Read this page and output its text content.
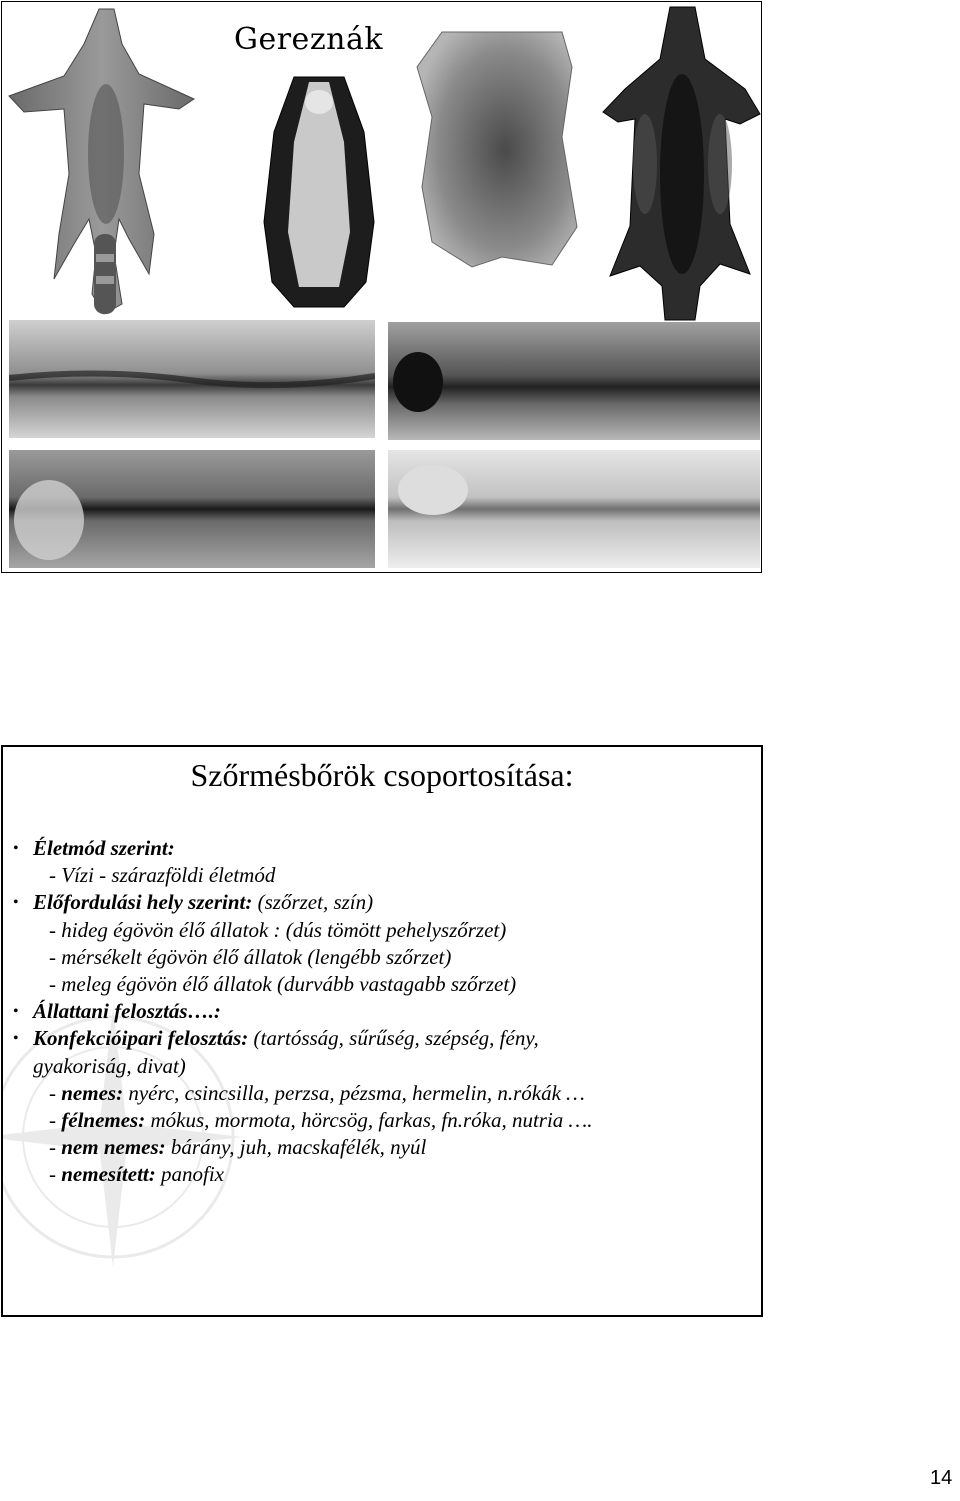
Gereznák
Szőrmésbőrök csoportosítása:
• Életmód szerint:
- Vízi - szárazföldi életmód
• Előfordulási hely szerint: (szőrzet, szín)
- hideg égövön élő állatok : (dús tömött pehelyszőrzet)
- mérsékelt égövön élő állatok (lengébb szőrzet)
- meleg égövön élő állatok (durvább vastagabb szőrzet)
• Állattani felosztás….:
• Konfekcióipari felosztás: (tartósság, sűrűség, szépség, fény,
gyakoriság, divat)
- nemes: nyérc, csincsilla, perzsa, pézsma, hermelin, n.rókák …
- félnemes: mókus, mormota, hörcsög, farkas, fn.róka, nutria ….
- nem nemes: bárány, juh, macskafélék, nyúl
- nemesített: panofix
14
